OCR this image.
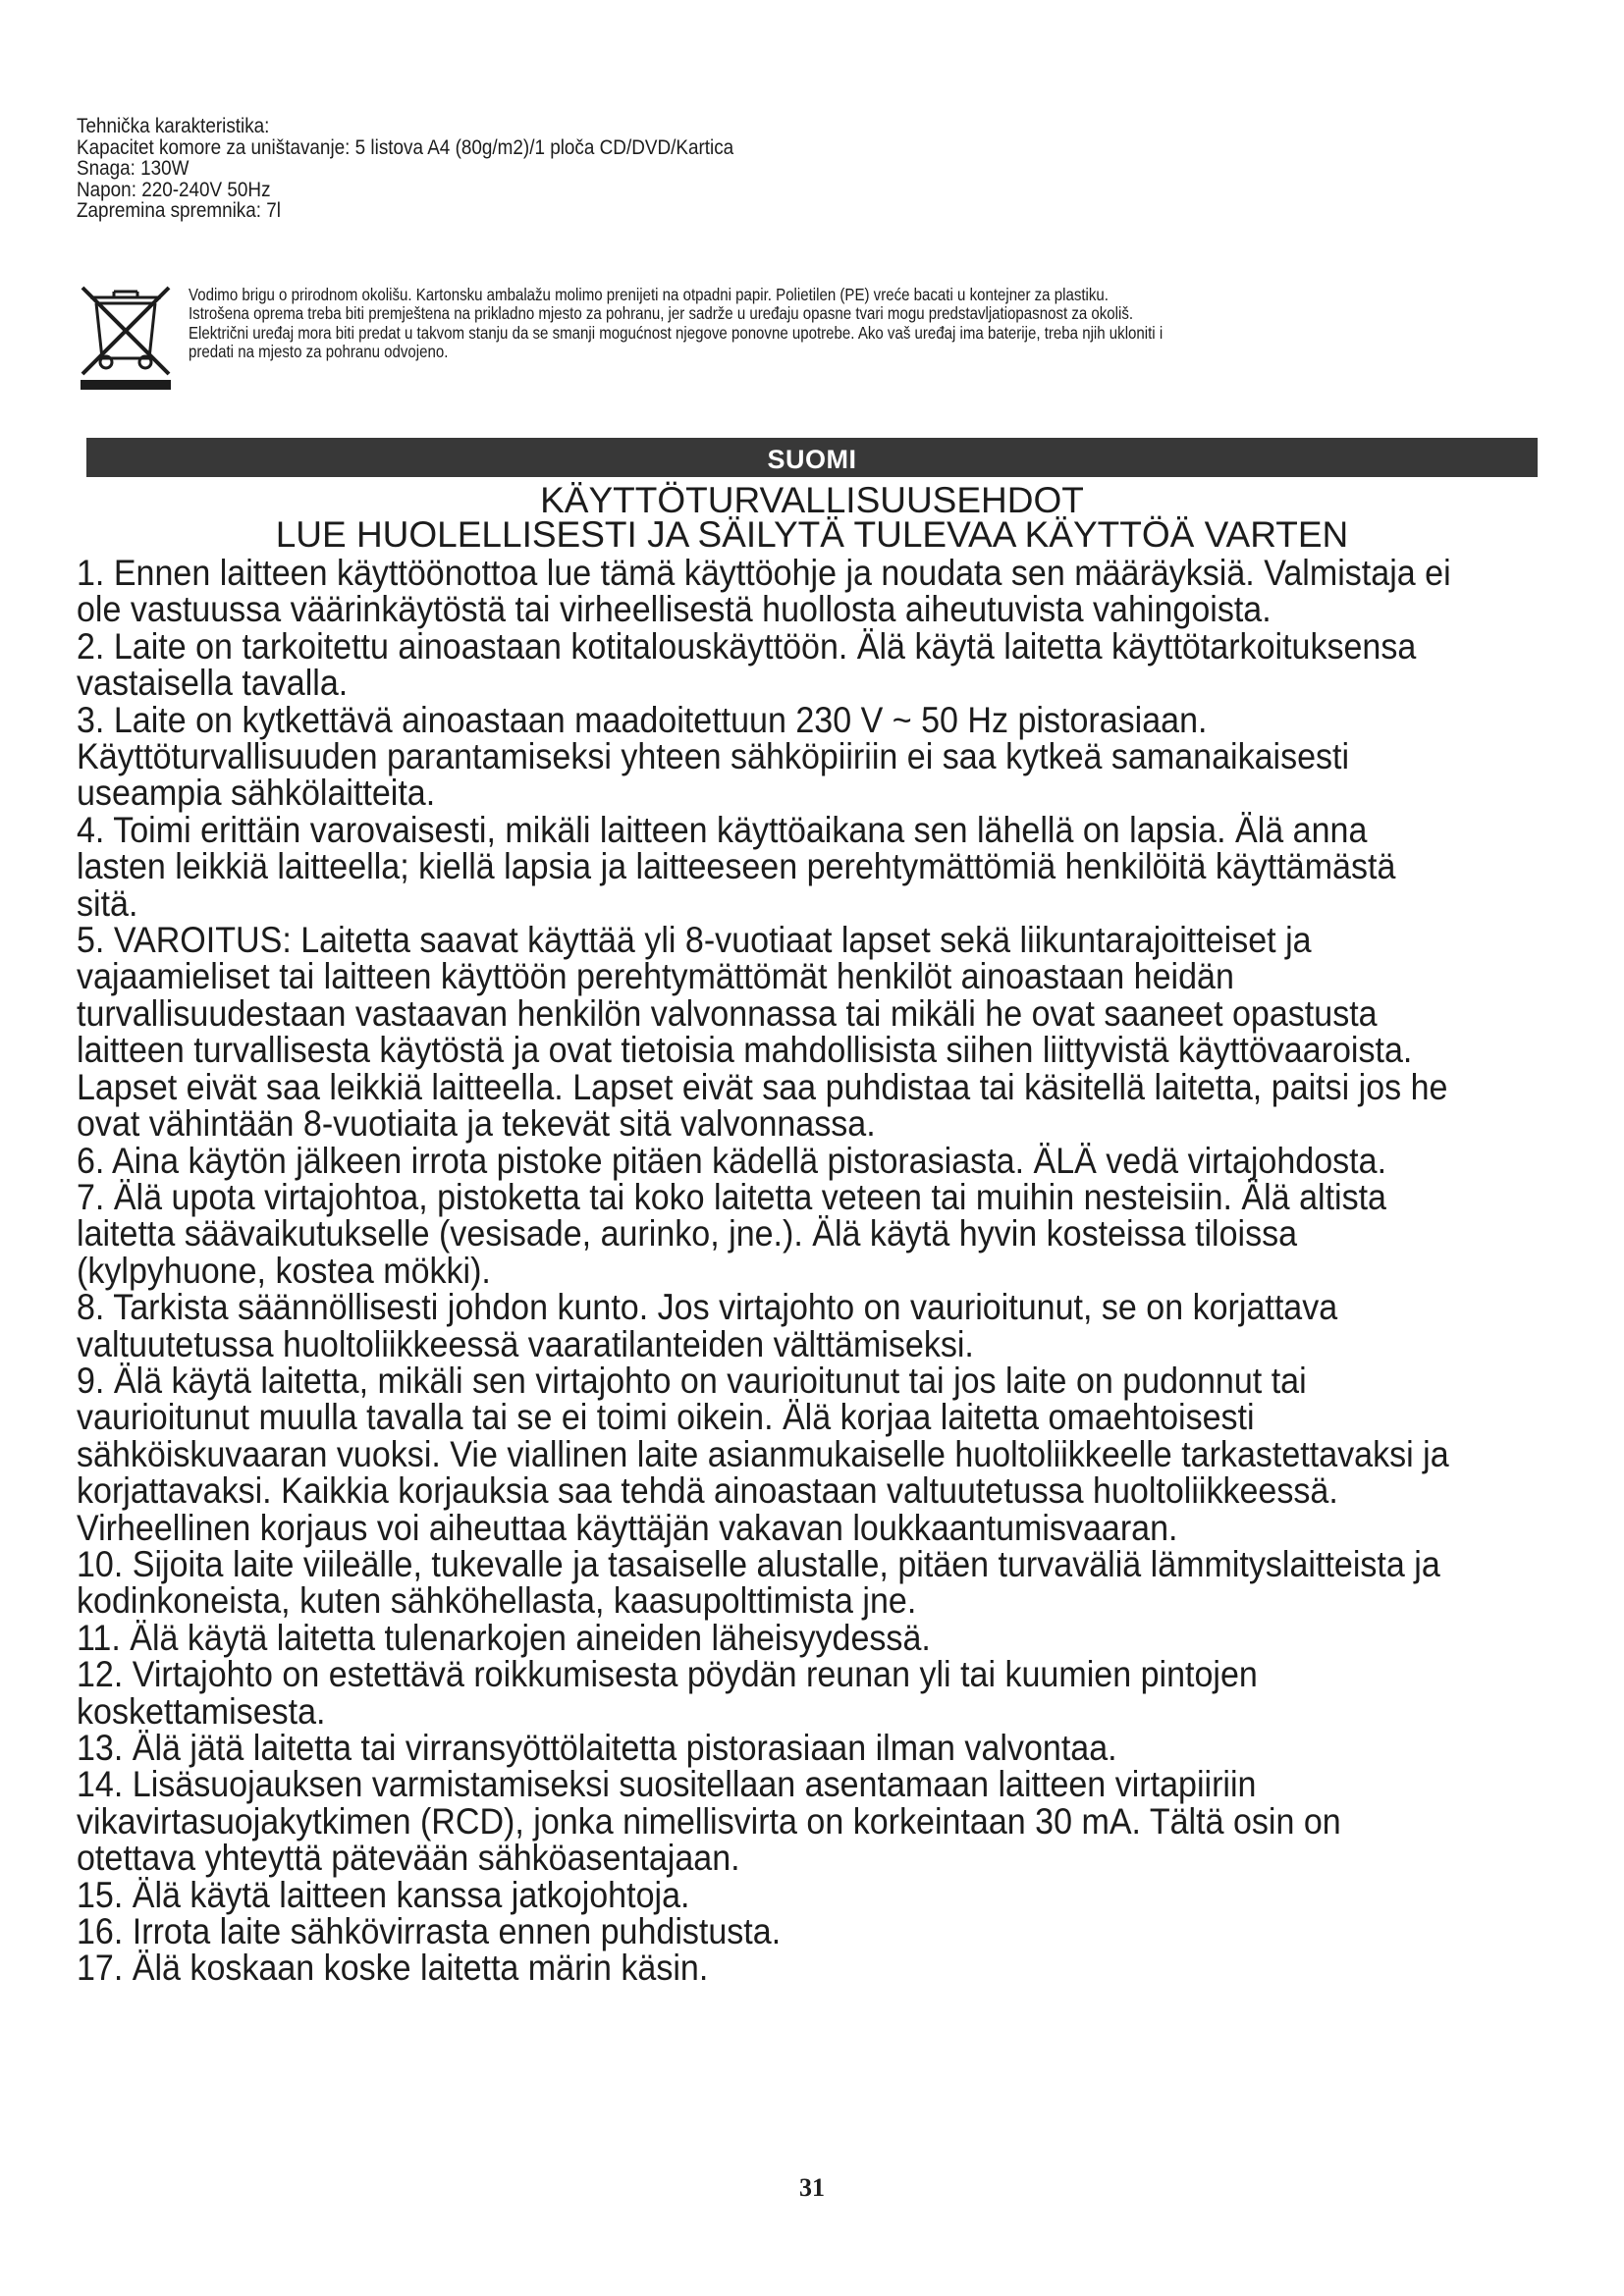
Tehnička karakteristika:
Kapacitet komore za uništavanje: 5 listova A4 (80g/m2)/1 ploča CD/DVD/Kartica
Snaga: 130W
Napon: 220-240V 50Hz
Zapremina spremnika: 7l
Vodimo brigu o prirodnom okolišu. Kartonsku ambalažu molimo prenijeti na otpadni papir. Polietilen (PE) vreće bacati u kontejner za plastiku.
Istrošena oprema treba biti premještena na prikladno mjesto za pohranu, jer sadrže u uređaju opasne tvari mogu predstavljatiopasnost za okoliš.
Električni uređaj mora biti predat u takvom stanju da se smanji mogućnost njegove ponovne upotrebe. Ako vaš uređaj ima baterije, treba njih ukloniti i
predati na mjesto za pohranu odvojeno.
SUOMI
KÄYTTÖTURVALLISUUSEHDOT
LUE HUOLELLISESTI JA SÄILYTÄ TULEVAA KÄYTTÖÄ VARTEN
1. Ennen laitteen käyttöönottoa lue tämä käyttöohje ja noudata sen määräyksiä. Valmistaja ei
ole vastuussa väärinkäytöstä tai virheellisestä huollosta aiheutuvista vahingoista.
2. Laite on tarkoitettu ainoastaan kotitalouskäyttöön. Älä käytä laitetta käyttötarkoituksensa
vastaisella tavalla.
3. Laite on kytkettävä ainoastaan maadoitettuun 230 V ~ 50 Hz pistorasiaan.
Käyttöturvallisuuden parantamiseksi yhteen sähköpiiriin ei saa kytkeä samanaikaisesti
useampia sähkölaitteita.
4. Toimi erittäin varovaisesti, mikäli laitteen käyttöaikana sen lähellä on lapsia. Älä anna
lasten leikkiä laitteella; kiellä lapsia ja laitteeseen perehtymättömiä henkilöitä käyttämästä
sitä.
5. VAROITUS: Laitetta saavat käyttää yli 8-vuotiaat lapset sekä liikuntarajoitteiset ja
vajaamieliset tai laitteen käyttöön perehtymättömät henkilöt ainoastaan heidän
turvallisuudestaan vastaavan henkilön valvonnassa tai mikäli he ovat saaneet opastusta
laitteen turvallisesta käytöstä ja ovat tietoisia mahdollisista siihen liittyvistä käyttövaaroista.
Lapset eivät saa leikkiä laitteella. Lapset eivät saa puhdistaa tai käsitellä laitetta, paitsi jos he
ovat vähintään 8-vuotiaita ja tekevät sitä valvonnassa.
6. Aina käytön jälkeen irrota pistoke pitäen kädellä pistorasiasta. ÄLÄ vedä virtajohdosta.
7. Älä upota virtajohtoa, pistoketta tai koko laitetta veteen tai muihin nesteisiin. Älä altista
laitetta säävaikutukselle (vesisade, aurinko, jne.). Älä käytä hyvin kosteissa tiloissa
(kylpyhuone, kostea mökki).
8. Tarkista säännöllisesti johdon kunto. Jos virtajohto on vaurioitunut, se on korjattava
valtuutetussa huoltoliikkeessä vaaratilanteiden välttämiseksi.
9. Älä käytä laitetta, mikäli sen virtajohto on vaurioitunut tai jos laite on pudonnut tai
vaurioitunut muulla tavalla tai se ei toimi oikein. Älä korjaa laitetta omaehtoisesti
sähköiskuvaaran vuoksi. Vie viallinen laite asianmukaiselle huoltoliikkeelle tarkastettavaksi ja
korjattavaksi. Kaikkia korjauksia saa tehdä ainoastaan valtuutetussa huoltoliikkeessä.
Virheellinen korjaus voi aiheuttaa käyttäjän vakavan loukkaantumisvaaran.
10. Sijoita laite viileälle, tukevalle ja tasaiselle alustalle, pitäen turvaväliä lämmityslaitteista ja
kodinkoneista, kuten sähköhellasta, kaasupolttimista jne.
11. Älä käytä laitetta tulenarkojen aineiden läheisyydessä.
12. Virtajohto on estettävä roikkumisesta pöydän reunan yli tai kuumien pintojen
koskettamisesta.
13. Älä jätä laitetta tai virransyöttölaitetta pistorasiaan ilman valvontaa.
14. Lisäsuojauksen varmistamiseksi suositellaan asentamaan laitteen virtapiiriin
vikavirtasuojakytkimen (RCD), jonka nimellisvirta on korkeintaan 30 mA. Tältä osin on
otettava yhteyttä pätevään sähköasentajaan.
15. Älä käytä laitteen kanssa jatkojohtoja.
16. Irrota laite sähkövirrasta ennen puhdistusta.
17. Älä koskaan koske laitetta märin käsin.
31
